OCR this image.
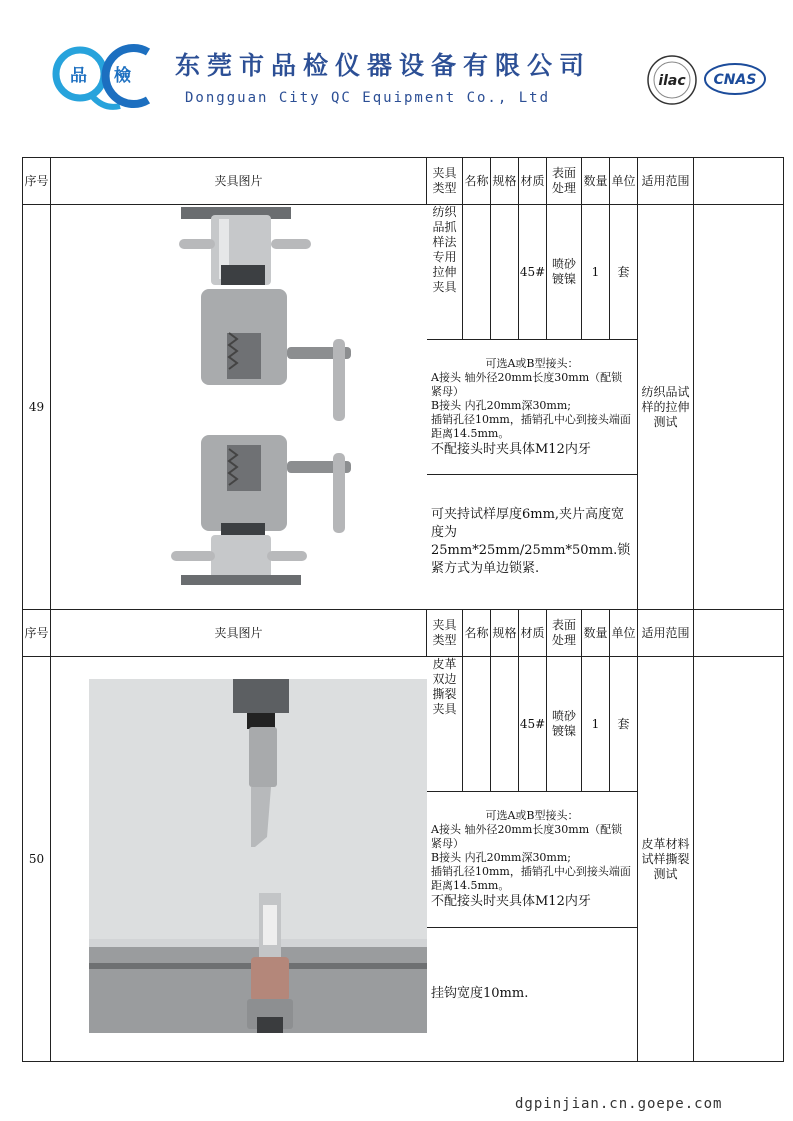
品 檢 东莞市品检仪器设备有限公司
Dongguan City QC Equipment Co., Ltd
ilac CNAS
序号	夹具图片	夹具类型	名称	规格	材质	表面处理	数量	单位	适用范围	
49		纺织品抓样法专用拉伸夹具			45#	喷砂镀镍	1	套	纺织品试样的拉伸测试	

		可选A或B型接头：
A接头 轴外径20mm长度30mm（配锁紧母）
B接头 内孔20mm深30mm;
插销孔径10mm，插销孔中心到接头端面距离14.5mm。
不配接头时夹具体M12内牙								

		可夹持试样厚度6mm,夹片高度宽度为25mm*25mm/25mm*50mm.锁紧方式为单边锁紧.								
序号	夹具图片	夹具类型	名称	规格	材质	表面处理	数量	单位	适用范围	
50		皮革双边撕裂夹具			45#	喷砂镀镍	1	套	皮革材料试样撕裂测试	

		可选A或B型接头：
A接头 轴外径20mm长度30mm（配锁紧母）
B接头 内孔20mm深30mm;
插销孔径10mm，插销孔中心到接头端面距离14.5mm。
不配接头时夹具体M12内牙								

		挂钩宽度10mm.								
dgpinjian.cn.goepe.com
